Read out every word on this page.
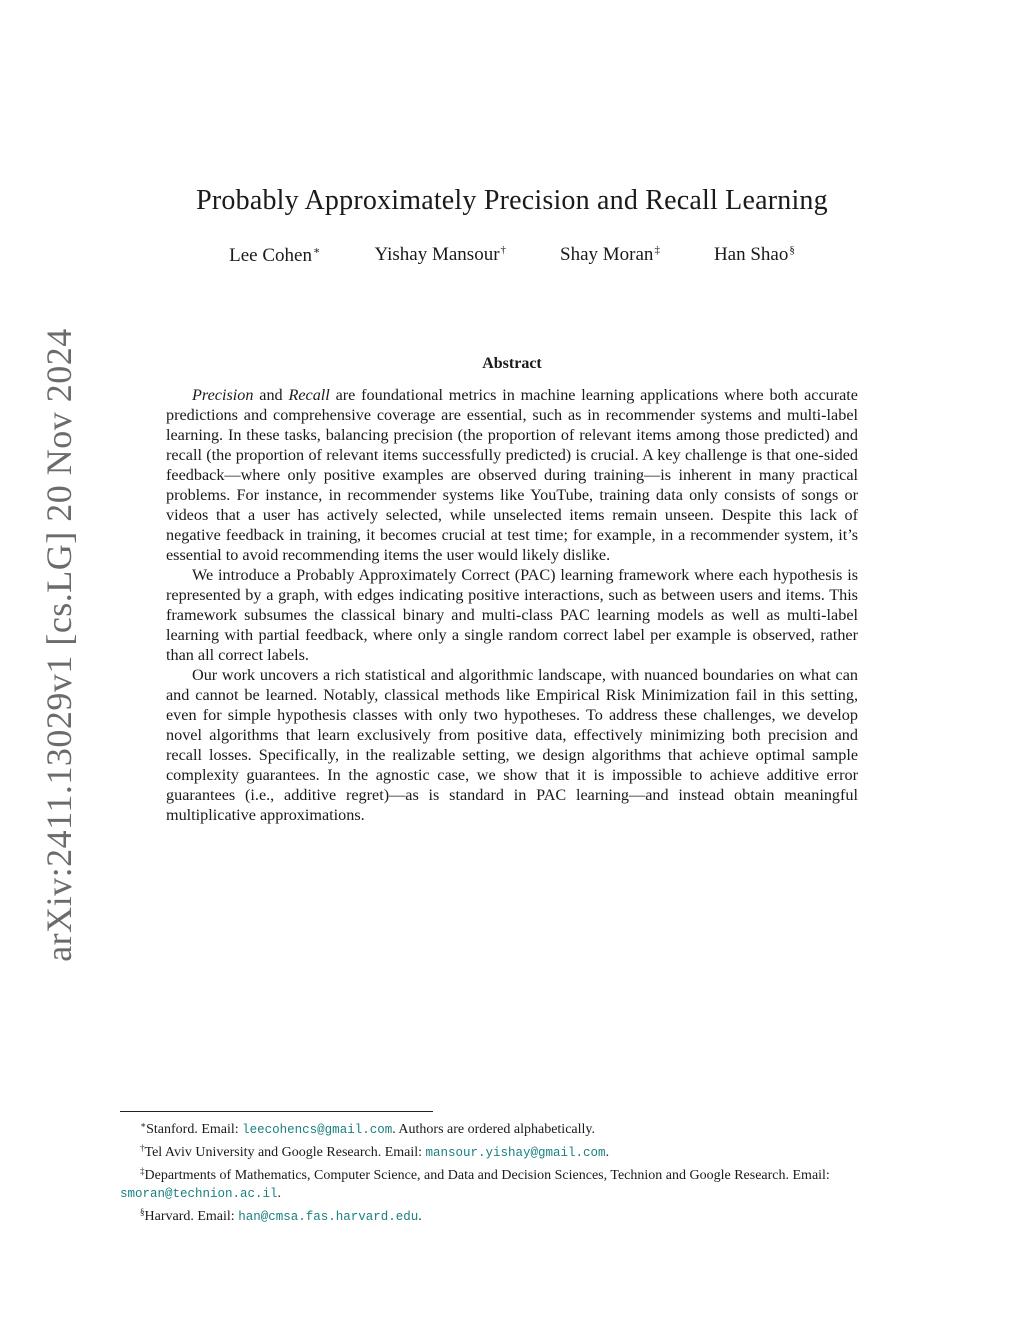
arXiv:2411.13029v1 [cs.LG] 20 Nov 2024
Probably Approximately Precision and Recall Learning
Lee Cohen∗	Yishay Mansour†	Shay Moran‡	Han Shao§
Abstract

Precision and Recall are foundational metrics in machine learning applications where both accurate predictions and comprehensive coverage are essential, such as in recommender systems and multi-label learning. In these tasks, balancing precision (the proportion of relevant items among those predicted) and recall (the proportion of relevant items successfully predicted) is crucial. A key challenge is that one-sided feedback—where only positive examples are observed during training—is inherent in many practical problems. For instance, in recommender systems like YouTube, training data only consists of songs or videos that a user has actively selected, while unselected items remain unseen. Despite this lack of negative feedback in training, it becomes crucial at test time; for example, in a recommender system, it’s essential to avoid recommending items the user would likely dislike.

We introduce a Probably Approximately Correct (PAC) learning framework where each hypothesis is represented by a graph, with edges indicating positive interactions, such as between users and items. This framework subsumes the classical binary and multi-class PAC learning models as well as multi-label learning with partial feedback, where only a single random correct label per example is observed, rather than all correct labels.

Our work uncovers a rich statistical and algorithmic landscape, with nuanced boundaries on what can and cannot be learned. Notably, classical methods like Empirical Risk Minimization fail in this setting, even for simple hypothesis classes with only two hypotheses. To address these challenges, we develop novel algorithms that learn exclusively from positive data, effectively minimizing both precision and recall losses. Specifically, in the realizable setting, we design algorithms that achieve optimal sample complexity guarantees. In the agnostic case, we show that it is impossible to achieve additive error guarantees (i.e., additive regret)—as is standard in PAC learning—and instead obtain meaningful multiplicative approximations.

∗Stanford. Email: leecohencs@gmail.com. Authors are ordered alphabetically.

†Tel Aviv University and Google Research. Email: mansour.yishay@gmail.com.

‡Departments of Mathematics, Computer Science, and Data and Decision Sciences, Technion and Google Research. Email: smoran@technion.ac.il.

§Harvard. Email: han@cmsa.fas.harvard.edu.
